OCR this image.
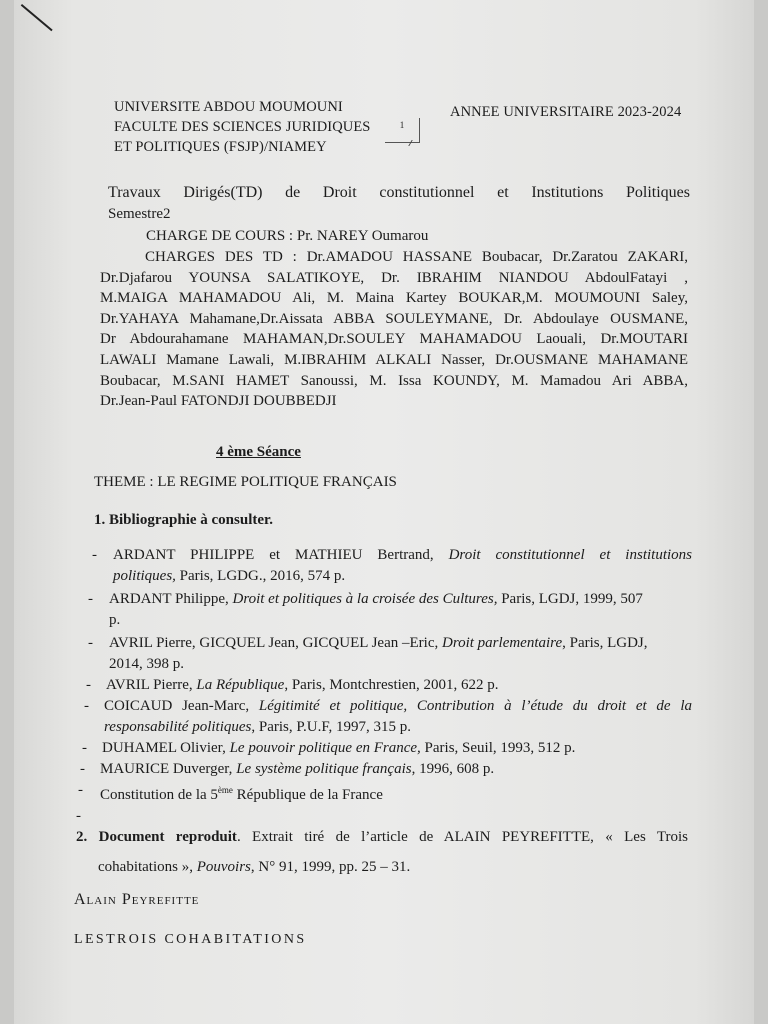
UNIVERSITE ABDOU MOUMOUNI
FACULTE DES SCIENCES JURIDIQUES
ET POLITIQUES (FSJP)/NIAMEY
ANNEE UNIVERSITAIRE 2023-2024
1
Travaux Dirigés(TD) de Droit constitutionnel et Institutions Politiques
Semestre2
CHARGE DE COURS : Pr. NAREY Oumarou
CHARGES DES TD : Dr.AMADOU HASSANE Boubacar, Dr.Zaratou ZAKARI,
Dr.Djafarou YOUNSA SALATIKOYE, Dr. IBRAHIM NIANDOU AbdoulFatayi ,
M.MAIGA MAHAMADOU Ali, M. Maina Kartey BOUKAR,M. MOUMOUNI Saley,
Dr.YAHAYA Mahamane,Dr.Aissata ABBA SOULEYMANE, Dr. Abdoulaye OUSMANE,
Dr Abdourahamane MAHAMAN,Dr.SOULEY MAHAMADOU Laouali, Dr.MOUTARI
LAWALI Mamane Lawali, M.IBRAHIM ALKALI Nasser, Dr.OUSMANE MAHAMANE
Boubacar, M.SANI HAMET Sanoussi, M. Issa KOUNDY, M. Mamadou Ari ABBA,
Dr.Jean-Paul FATONDJI DOUBBEDJI
4 ème Séance
THEME : LE REGIME POLITIQUE FRANÇAIS
1. Bibliographie à consulter.
- ARDANT PHILIPPE et MATHIEU Bertrand, Droit constitutionnel et institutions
politiques, Paris, LGDG., 2016, 574 p.
- ARDANT Philippe, Droit et politiques à la croisée des Cultures, Paris, LGDJ, 1999, 507
p.
- AVRIL Pierre, GICQUEL Jean, GICQUEL Jean –Eric, Droit parlementaire, Paris, LGDJ,
2014, 398 p.
- AVRIL Pierre, La République, Paris, Montchrestien, 2001, 622 p.
- COICAUD Jean-Marc, Légitimité et politique, Contribution à l’étude du droit et de la
responsabilité politiques, Paris, P.U.F, 1997, 315 p.
- DUHAMEL Olivier, Le pouvoir politique en France, Paris, Seuil, 1993, 512 p.
- MAURICE Duverger, Le système politique français, 1996, 608 p.
- Constitution de la 5ème République de la France
-
2. Document reproduit. Extrait tiré de l’article de ALAIN PEYREFITTE, « Les Trois
cohabitations », Pouvoirs, N° 91, 1999, pp. 25 – 31.
Alain Peyrefitte
LESTROIS COHABITATIONS
